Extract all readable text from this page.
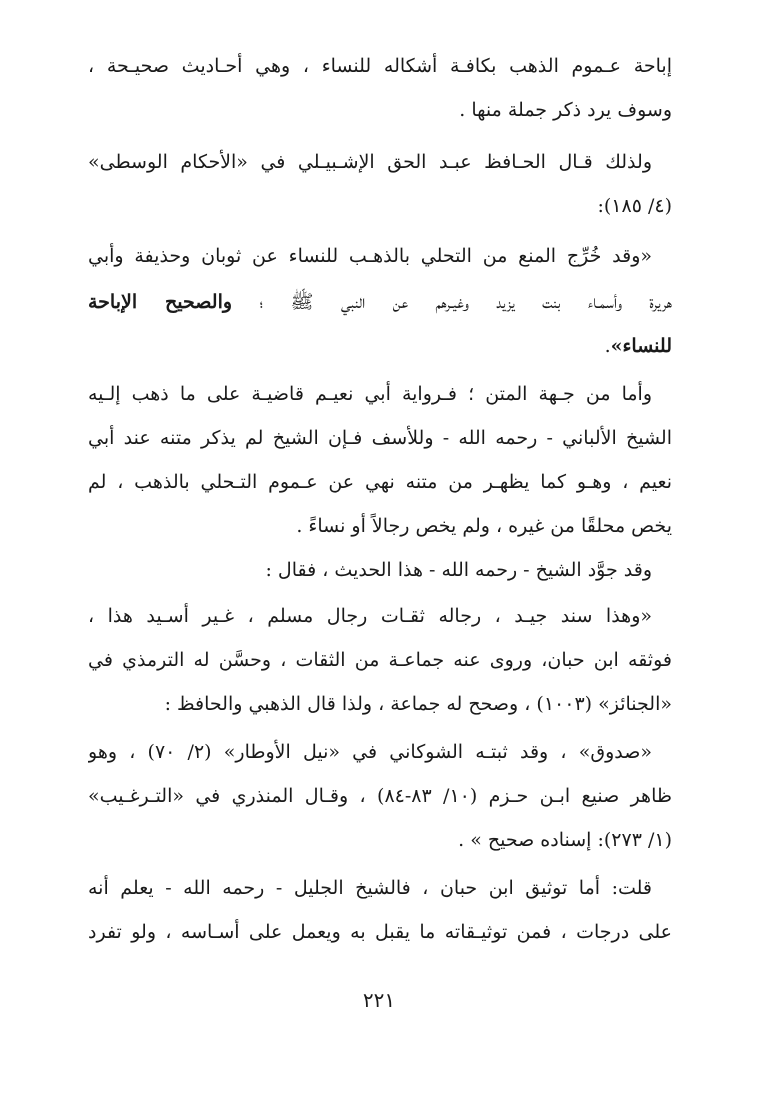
إباحة عـموم الذهب بكافـة أشكاله للنساء ، وهي أحـاديث صحيـحة ،
وسوف يرد ذكر جملة منها .
ولذلك قـال الحـافظ عبـد الحق الإشـبيـلي في «الأحكام الوسطى»
(٤/ ١٨٥):
«وقد خُرِّج المنع من التحلي بالذهـب للنساء عن ثوبان وحذيفة وأبي
هريرة وأسمـاء بنت يزيد وغيـرهم عن النبي ﷺ ؛ والصحيح الإباحة
للنساء».
وأما من جـهة المتن ؛ فـرواية أبي نعيـم قاضيـة على ما ذهب إلـيه
الشيخ الألباني - رحمه الله - وللأسف فـإن الشيخ لم يذكر متنه عند أبي
نعيم ، وهـو كما يظهـر من متنه نهي عن عـموم التـحلي بالذهب ، لم
يخص محلقًا من غيره ، ولم يخص رجالاً أو نساءً .
وقد جوَّد الشيخ - رحمه الله - هذا الحديث ، فقال :
«وهذا سند جيـد ، رجاله ثقـات رجال مسلم ، غـير أسـيد هذا ،
فوثقه ابن حبان، وروى عنه جماعـة من الثقات ، وحسَّن له الترمذي في
«الجنائز» (١٠٠٣) ، وصحح له جماعة ، ولذا قال الذهبي والحافظ :
«صدوق» ، وقد ثبتـه الشوكاني في «نيل الأوطار» (٢/ ٧٠) ، وهو
ظاهر صنيع ابـن حـزم (١٠/ ٨٣-٨٤) ، وقـال المنذري في «التـرغـيب»
(١/ ٢٧٣): إسناده صحيح » .
قلت: أما توثيق ابن حبان ، فالشيخ الجليل - رحمه الله - يعلم أنه
على درجات ، فمن توثيـقاته ما يقبل به ويعمل على أسـاسه ، ولو تفرد
٢٢١
